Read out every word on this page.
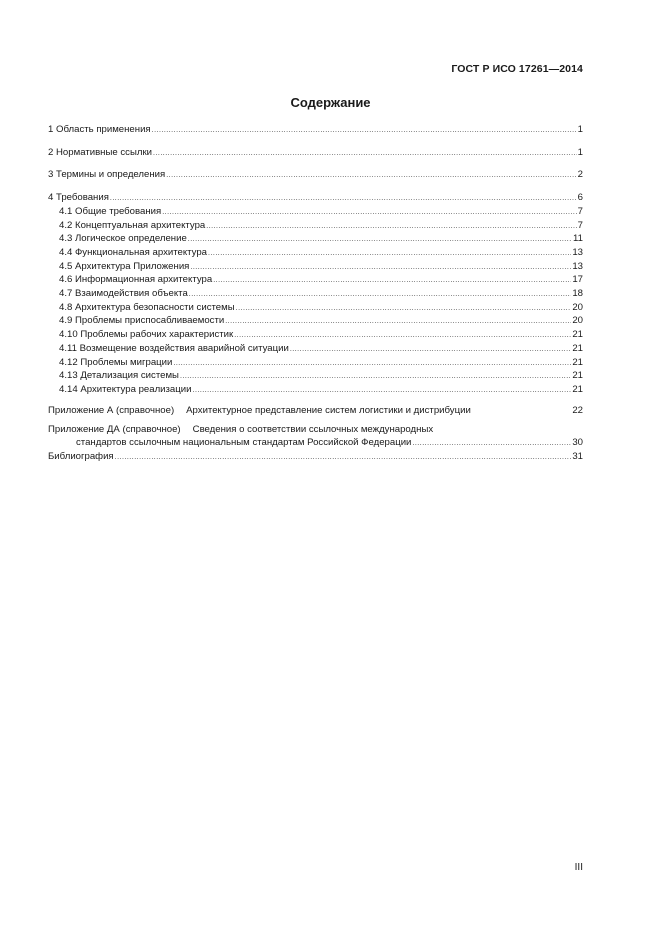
ГОСТ Р ИСО 17261—2014
Содержание
1 Область применения .....	1
2 Нормативные ссылки .....	1
3 Термины и определения .....	2
4 Требования .....	6
4.1 Общие требования .....	7
4.2 Концептуальная архитектура .....	7
4.3 Логическое определение .....	11
4.4 Функциональная архитектура .....	13
4.5 Архитектура Приложения .....	13
4.6 Информационная архитектура .....	17
4.7 Взаимодействия объекта .....	18
4.8 Архитектура безопасности системы .....	20
4.9 Проблемы приспосабливаемости .....	20
4.10 Проблемы рабочих характеристик .....	21
4.11 Возмещение воздействия аварийной ситуации .....	21
4.12 Проблемы миграции .....	21
4.13 Детализация системы .....	21
4.14 Архитектура реализации .....	21
Приложение А (справочное) Архитектурное представление систем логистики и дистрибуции	22
Приложение ДА (справочное) Сведения о соответствии ссылочных международных
стандартов ссылочным национальным стандартам Российской Федерации .....	30
Библиография .....	31
III
